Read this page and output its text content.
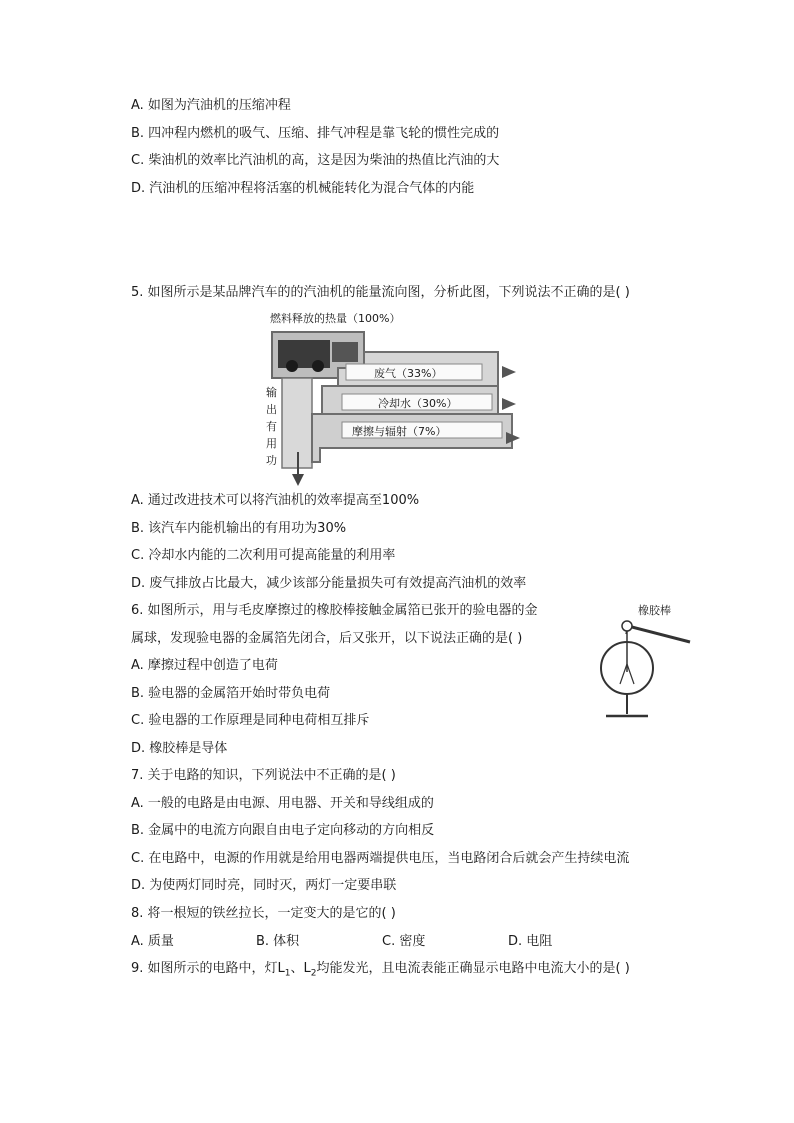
A. 如图为汽油机的压缩冲程
B. 四冲程内燃机的吸气、压缩、排气冲程是靠飞轮的惯性完成的
C. 柴油机的效率比汽油机的高，这是因为柴油的热值比汽油的大
D. 汽油机的压缩冲程将活塞的机械能转化为混合气体的内能
5. 如图所示是某品牌汽车的的汽油机的能量流向图，分析此图，下列说法不正确的是( )
燃料释放的热量（100%）
废气（33%）
冷却水（30%）
摩擦与辐射（7%）
输
出
有
用
功
A. 通过改进技术可以将汽油机的效率提高至100%
B. 该汽车内能机输出的有用功为30%
C. 冷却水内能的二次利用可提高能量的利用率
D. 废气排放占比最大，减少该部分能量损失可有效提高汽油机的效率
6. 如图所示，用与毛皮摩擦过的橡胶棒接触金属箔已张开的验电器的金
属球，发现验电器的金属箔先闭合，后又张开，以下说法正确的是( )
橡胶棒
A. 摩擦过程中创造了电荷
B. 验电器的金属箔开始时带负电荷
C. 验电器的工作原理是同种电荷相互排斥
D. 橡胶棒是导体
7. 关于电路的知识，下列说法中不正确的是( )
A. 一般的电路是由电源、用电器、开关和导线组成的
B. 金属中的电流方向跟自由电子定向移动的方向相反
C. 在电路中，电源的作用就是给用电器两端提供电压，当电路闭合后就会产生持续电流
D. 为使两灯同时亮，同时灭，两灯一定要串联
8. 将一根短的铁丝拉长，一定变大的是它的( )
A. 质量	B. 体积	C. 密度	D. 电阻
9. 如图所示的电路中，灯$L_1$、$L_2$均能发光，且电流表能正确显示电路中电流大小的是( )
